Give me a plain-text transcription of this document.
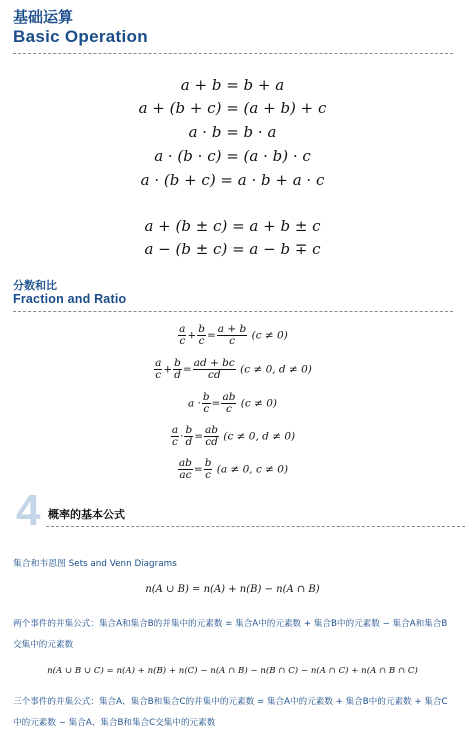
基础运算
Basic Operation
a + b = b + a
a + (b + c) = (a + b) + c
a · b = b · a
a · (b · c) = (a · b) · c
a · (b + c) = a · b + a · c
a + (b ± c) = a + b ± c
a − (b ± c) = a − b ∓ c
分数和比
Fraction and Ratio
$\frac{a}{c} + \frac{b}{c} = \frac{a + b}{c} (c \ne 0)$
$\frac{a}{c} + \frac{b}{d} = \frac{ad + bc}{cd} (c \ne 0$, d ≠ 0)
$a \cdot \frac{b}{c} = \frac{ab}{c} (c \ne 0)$
$\frac{a}{c} \cdot \frac{b}{d} = \frac{ab}{cd} (c \ne 0$, d ≠ 0)
$\frac{ab}{ac} = \frac{b}{c} (a \ne 0$, c ≠ 0)
4 概率的基本公式
集合和韦恩图 Sets and Venn Diagrams
n(A ∪ B) = n(A) + n(B) − n(A ∩ B)
两个事件的并集公式：集合A和集合B的并集中的元素数 = 集合A中的元素数 + 集合B中的元素数 − 集合A和集合B交集中的元素数
n(A ∪ B ∪ C) = n(A) + n(B) + n(C) − n(A ∩ B) − n(B ∩ C) − n(A ∩ C) + n(A ∩ B ∩ C)
三个事件的并集公式：集合A、集合B和集合C的并集中的元素数 = 集合A中的元素数 + 集合B中的元素数 + 集合C中的元素数 − 集合A、集合B和集合C交集中的元素数
